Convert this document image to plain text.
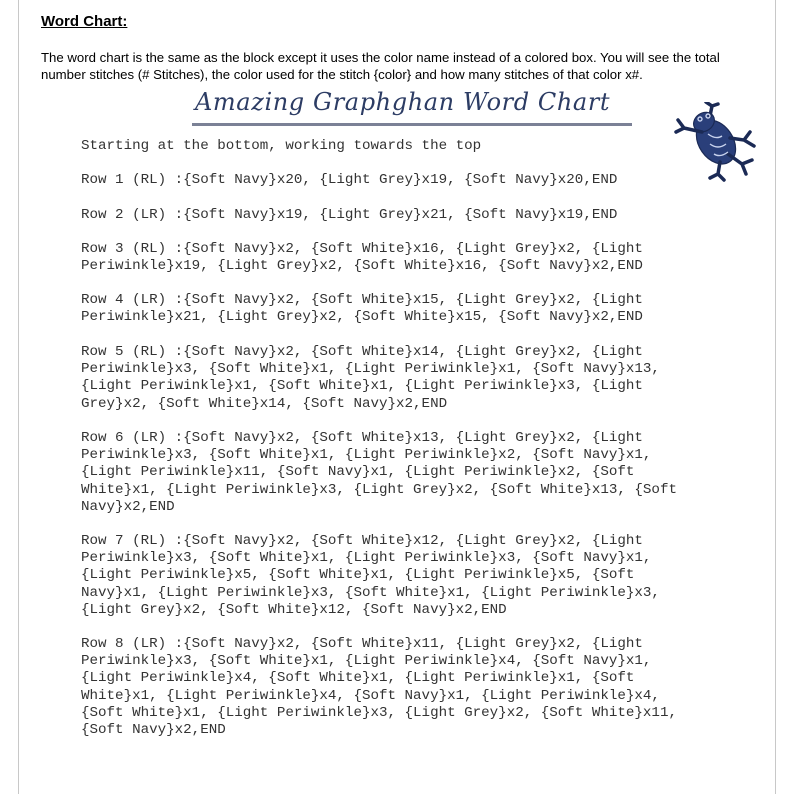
Word Chart:
The word chart is the same as the block except it uses the color name instead of a colored box. You will see the total number stitches (# Stitches), the color used for the stitch {color} and how many stitches of that color x#.
Amazing Graphghan Word Chart
Starting at the bottom, working towards the top
Row 1 (RL) :{Soft Navy}x20, {Light Grey}x19, {Soft Navy}x20,END
Row 2 (LR) :{Soft Navy}x19, {Light Grey}x21, {Soft Navy}x19,END
Row 3 (RL) :{Soft Navy}x2, {Soft White}x16, {Light Grey}x2, {Light
Periwinkle}x19, {Light Grey}x2, {Soft White}x16, {Soft Navy}x2,END
Row 4 (LR) :{Soft Navy}x2, {Soft White}x15, {Light Grey}x2, {Light
Periwinkle}x21, {Light Grey}x2, {Soft White}x15, {Soft Navy}x2,END
Row 5 (RL) :{Soft Navy}x2, {Soft White}x14, {Light Grey}x2, {Light
Periwinkle}x3, {Soft White}x1, {Light Periwinkle}x1, {Soft Navy}x13,
{Light Periwinkle}x1, {Soft White}x1, {Light Periwinkle}x3, {Light
Grey}x2, {Soft White}x14, {Soft Navy}x2,END
Row 6 (LR) :{Soft Navy}x2, {Soft White}x13, {Light Grey}x2, {Light
Periwinkle}x3, {Soft White}x1, {Light Periwinkle}x2, {Soft Navy}x1,
{Light Periwinkle}x11, {Soft Navy}x1, {Light Periwinkle}x2, {Soft
White}x1, {Light Periwinkle}x3, {Light Grey}x2, {Soft White}x13, {Soft
Navy}x2,END
Row 7 (RL) :{Soft Navy}x2, {Soft White}x12, {Light Grey}x2, {Light
Periwinkle}x3, {Soft White}x1, {Light Periwinkle}x3, {Soft Navy}x1,
{Light Periwinkle}x5, {Soft White}x1, {Light Periwinkle}x5, {Soft
Navy}x1, {Light Periwinkle}x3, {Soft White}x1, {Light Periwinkle}x3,
{Light Grey}x2, {Soft White}x12, {Soft Navy}x2,END
Row 8 (LR) :{Soft Navy}x2, {Soft White}x11, {Light Grey}x2, {Light
Periwinkle}x3, {Soft White}x1, {Light Periwinkle}x4, {Soft Navy}x1,
{Light Periwinkle}x4, {Soft White}x1, {Light Periwinkle}x1, {Soft
White}x1, {Light Periwinkle}x4, {Soft Navy}x1, {Light Periwinkle}x4,
{Soft White}x1, {Light Periwinkle}x3, {Light Grey}x2, {Soft White}x11,
{Soft Navy}x2,END
